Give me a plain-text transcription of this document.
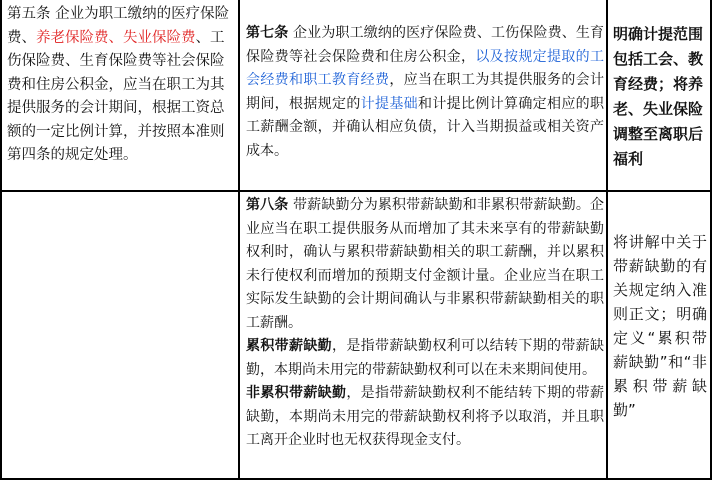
第五条 企业为职工缴纳的医疗保险费、养老保险费、失业保险费、工伤保险费、生育保险费等社会保险费和住房公积金，应当在职工为其提供服务的会计期间，根据工资总额的一定比例计算，并按照本准则第四条的规定处理。
第七条 企业为职工缴纳的医疗保险费、工伤保险费、生育保险费等社会保险费和住房公积金，以及按规定提取的工会经费和职工教育经费，应当在职工为其提供服务的会计期间，根据规定的计提基础和计提比例计算确定相应的职工薪酬金额，并确认相应负债，计入当期损益或相关资产成本。
明确计提范围包括工会、教育经费；将养老、失业保险调整至离职后福利

第八条 带薪缺勤分为累积带薪缺勤和非累积带薪缺勤。企业应当在职工提供服务从而增加了其未来享有的带薪缺勤权利时，确认与累积带薪缺勤相关的职工薪酬，并以累积未行使权利而增加的预期支付金额计量。企业应当在职工实际发生缺勤的会计期间确认与非累积带薪缺勤相关的职工薪酬。

累积带薪缺勤，是指带薪缺勤权利可以结转下期的带薪缺勤，本期尚未用完的带薪缺勤权利可以在未来期间使用。

非累积带薪缺勤，是指带薪缺勤权利不能结转下期的带薪缺勤，本期尚未用完的带薪缺勤权利将予以取消，并且职工离开企业时也无权获得现金支付。

将讲解中关于带薪缺勤的有关规定纳入准则正文；明确定义“累积带薪缺勤”和“非累积带薪缺勤”
